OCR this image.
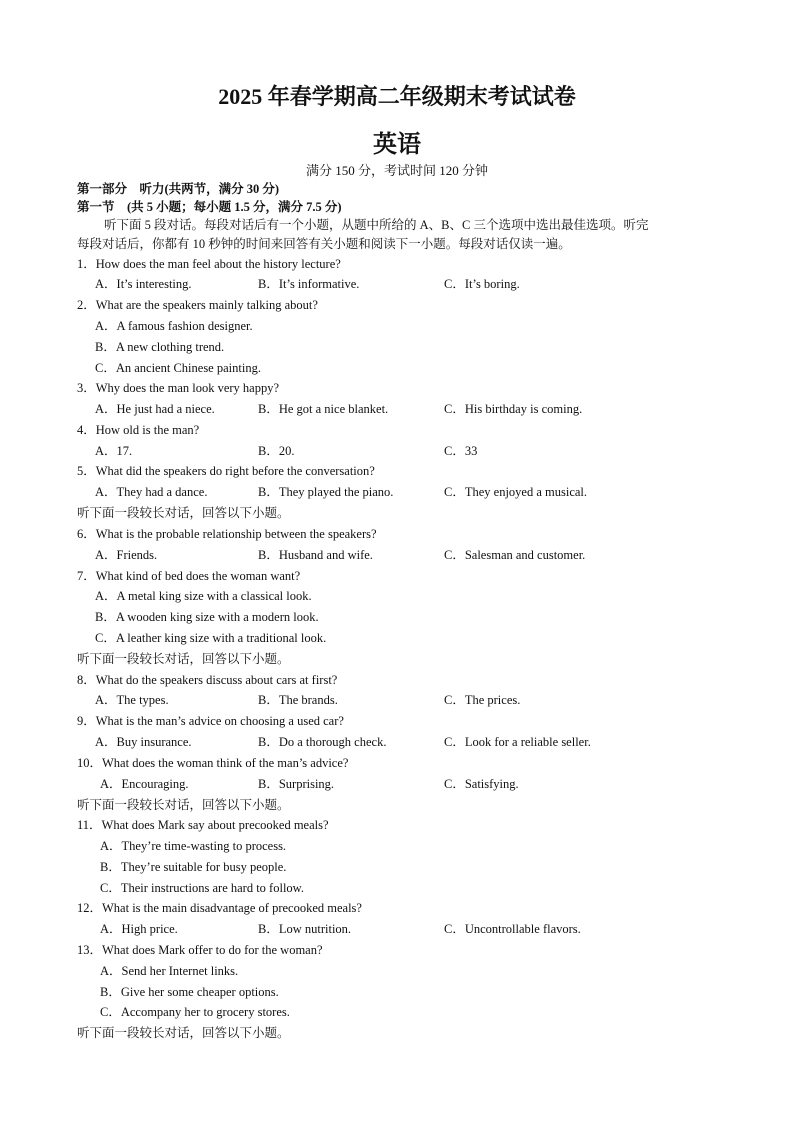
2025 年春学期高二年级期末考试试卷
英语
满分 150 分，考试时间 120 分钟
第一部分　听力(共两节，满分 30 分)
第一节　(共 5 小题；每小题 1.5 分，满分 7.5 分)
听下面 5 段对话。每段对话后有一个小题，从题中所给的 A、B、C 三个选项中选出最佳选项。听完
每段对话后，你都有 10 秒钟的时间来回答有关小题和阅读下一小题。每段对话仅读一遍。
1．How does the man feel about the history lecture?
A．It’s interesting.	B．It’s informative.	C．It’s boring.
2．What are the speakers mainly talking about?
A．A famous fashion designer.
B．A new clothing trend.
C．An ancient Chinese painting.
3．Why does the man look very happy?
A．He just had a niece.	B．He got a nice blanket.	C．His birthday is coming.
4．How old is the man?
A．17.	B．20.	C．33
5．What did the speakers do right before the conversation?
A．They had a dance.	B．They played the piano.	C．They enjoyed a musical.
听下面一段较长对话，回答以下小题。
6．What is the probable relationship between the speakers?
A．Friends.	B．Husband and wife.	C．Salesman and customer.
7．What kind of bed does the woman want?
A．A metal king size with a classical look.
B．A wooden king size with a modern look.
C．A leather king size with a traditional look.
听下面一段较长对话，回答以下小题。
8．What do the speakers discuss about cars at first?
A．The types.	B．The brands.	C．The prices.
9．What is the man’s advice on choosing a used car?
A．Buy insurance.	B．Do a thorough check.	C．Look for a reliable seller.
10．What does the woman think of the man’s advice?
A．Encouraging.	B．Surprising.	C．Satisfying.
听下面一段较长对话，回答以下小题。
11．What does Mark say about precooked meals?
A．They’re time-wasting to process.
B．They’re suitable for busy people.
C．Their instructions are hard to follow.
12．What is the main disadvantage of precooked meals?
A．High price.	B．Low nutrition.	C．Uncontrollable flavors.
13．What does Mark offer to do for the woman?
A．Send her Internet links.
B．Give her some cheaper options.
C．Accompany her to grocery stores.
听下面一段较长对话，回答以下小题。
